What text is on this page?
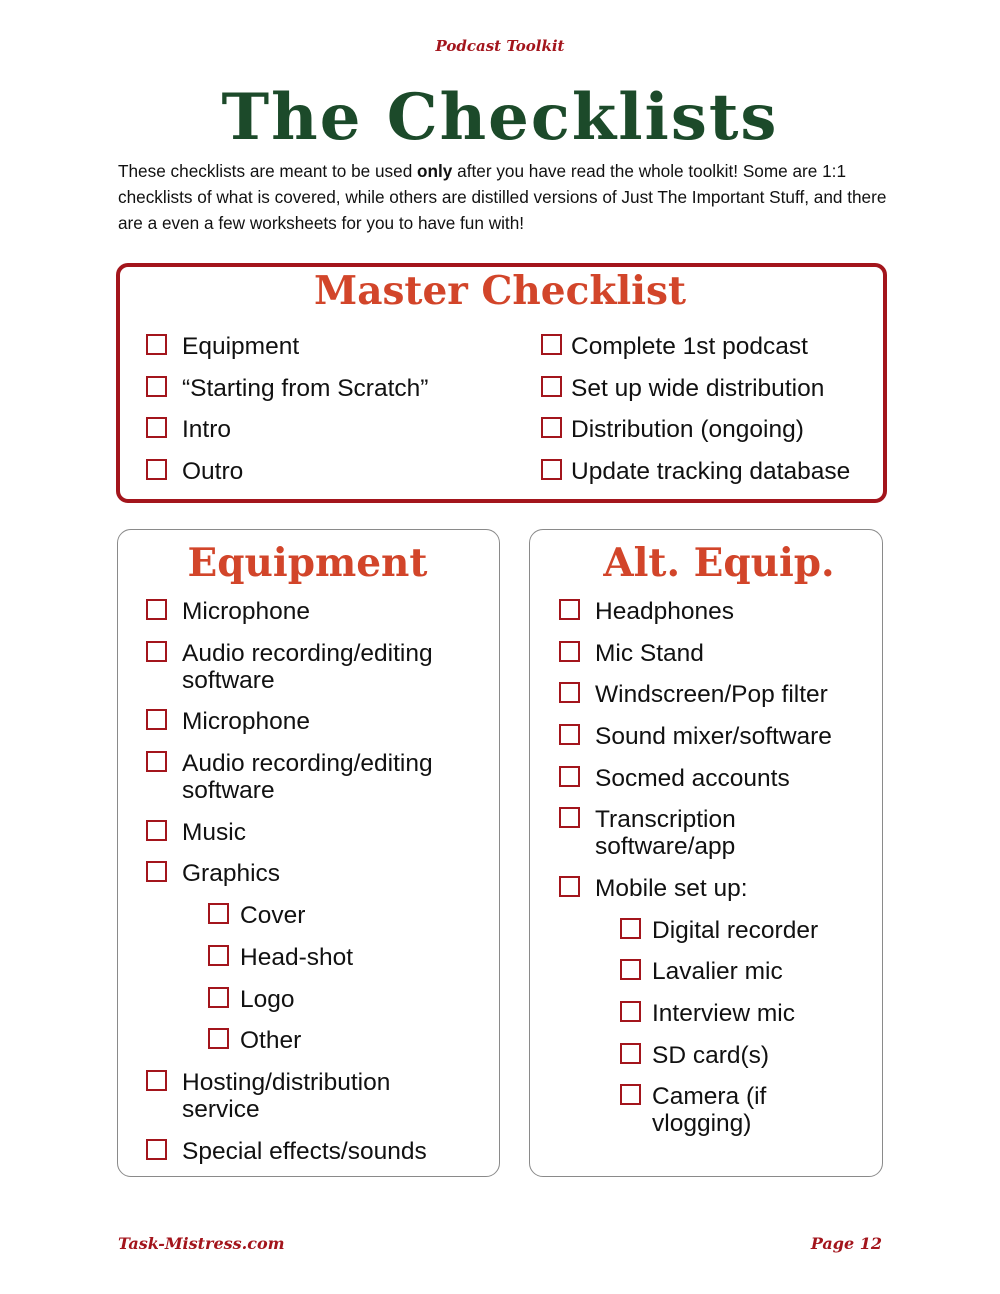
Podcast Toolkit
The Checklists
These checklists are meant to be used only after you have read the whole toolkit! Some are 1:1 checklists of what is covered, while others are distilled versions of Just The Important Stuff, and there are a even a few worksheets for you to have fun with!
Master Checklist
Equipment
“Starting from Scratch”
Intro
Outro
Complete 1st podcast
Set up wide distribution
Distribution (ongoing)
Update tracking database
Equipment
Microphone
Audio recording/editing software
Microphone
Audio recording/editing software
Music
Graphics
Cover
Head-shot
Logo
Other
Hosting/distribution service
Special effects/sounds
Alt. Equip.
Headphones
Mic Stand
Windscreen/Pop filter
Sound mixer/software
Socmed accounts
Transcription software/app
Mobile set up:
Digital recorder
Lavalier mic
Interview mic
SD card(s)
Camera (if vlogging)
Task-Mistress.com	Page 12
